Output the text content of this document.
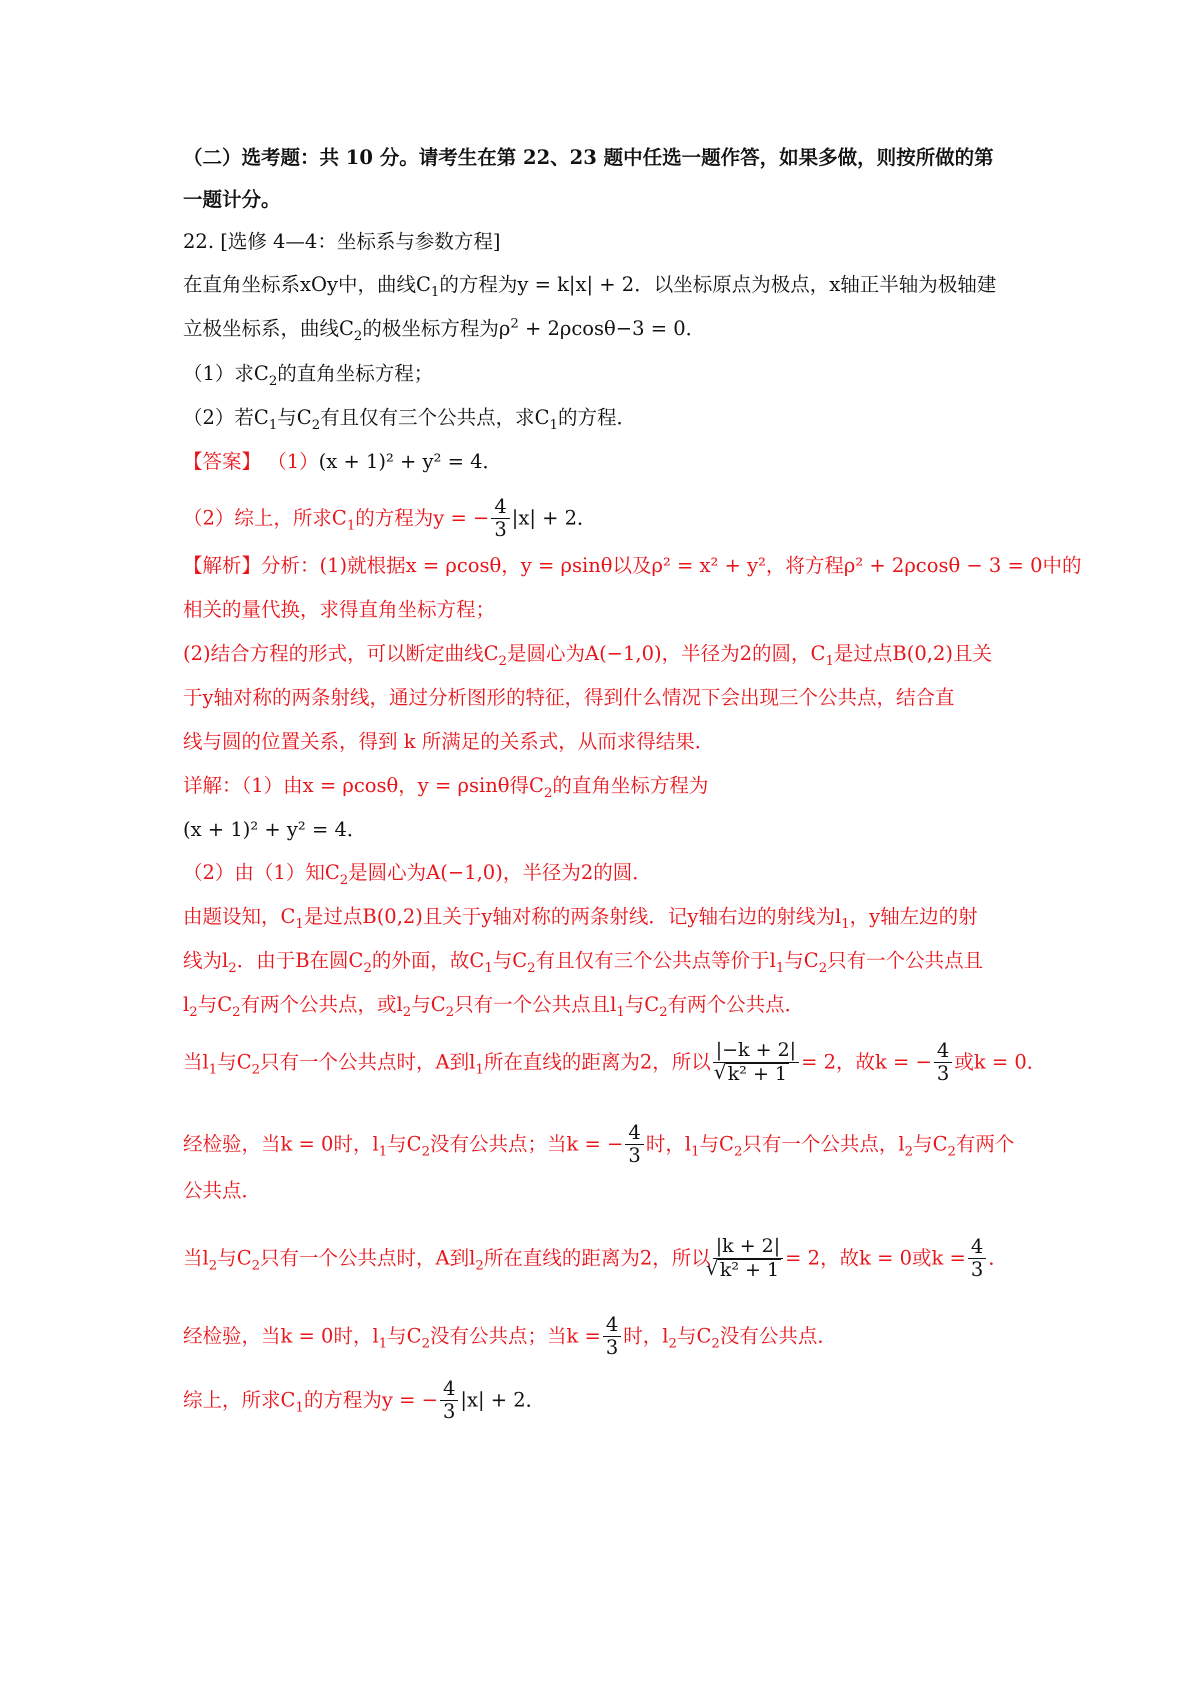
（二）选考题：共 10 分。请考生在第 22、23 题中任选一题作答，如果多做，则按所做的第
一题计分。
22. [选修 4—4：坐标系与参数方程]
在直角坐标系xOy中，曲线$C_1$的方程为y = k|x| + 2．以坐标原点为极点，x轴正半轴为极轴建
立极坐标系，曲线$C_2$的极坐标方程为$\rho^2 + 2\rho\cos\theta-3 = 0$．
（1）求$C_2$的直角坐标方程；
（2）若$C_1$与$C_2$有且仅有三个公共点，求$C_1$的方程．
【答案】 （1）(x + 1)² + y² = 4．
（2）综上，所求$C_1$的方程为y = − $\frac{4}{3} |x| + 2$．
【解析】分析：(1)就根据x = ρcosθ，y = ρsinθ以及ρ² = x² + y²，将方程ρ² + 2ρcosθ − 3 = 0中的
相关的量代换，求得直角坐标方程；
(2)结合方程的形式，可以断定曲线$C_2$是圆心为A(−1,0)，半径为2的圆，$C_1$是过点B(0,2)且关
于y轴对称的两条射线，通过分析图形的特征，得到什么情况下会出现三个公共点，结合直
线与圆的位置关系，得到 k 所满足的关系式，从而求得结果．
详解：（1）由x = ρcosθ，y = ρsinθ得$C_2$的直角坐标方程为
(x + 1)² + y² = 4．
（2）由（1）知$C_2$是圆心为A(−1,0)，半径为2的圆．
由题设知，$C_1$是过点B(0,2)且关于y轴对称的两条射线．记y轴右边的射线为$l_1$，y轴左边的射
线为$l_2$．由于B在圆$C_2$的外面，故$C_1$与$C_2$有且仅有三个公共点等价于$l_1$与$C_2$只有一个公共点且
$l_2$与$C_2$有两个公共点，或$l_2$与$C_2$只有一个公共点且$l_1$与$C_2$有两个公共点．
当$l_1$与$C_2$只有一个公共点时，A到$l_1$所在直线的距离为2，所以 |−k + 2|
√ k² + 1 = 2，故k = − $\frac{4}{3}$ 或k = 0．
经检验，当k = 0时，$l_1$与$C_2$没有公共点；当k = − $\frac{4}{3}$ 时，$l_1$与$C_2$只有一个公共点，$l_2$与$C_2$有两个
公共点．
当$l_2$与$C_2$只有一个公共点时，A到$l_2$所在直线的距离为2，所以 |k + 2|
√ k² + 1 = 2，故k = 0或$k = \frac{4}{3}$ ．
经检验，当k = 0时，$l_1$与$C_2$没有公共点；当$k = \frac{4}{3}$ 时，$l_2$与$C_2$没有公共点．
综上，所求$C_1$的方程为y = − $\frac{4}{3} |x| + 2$．
